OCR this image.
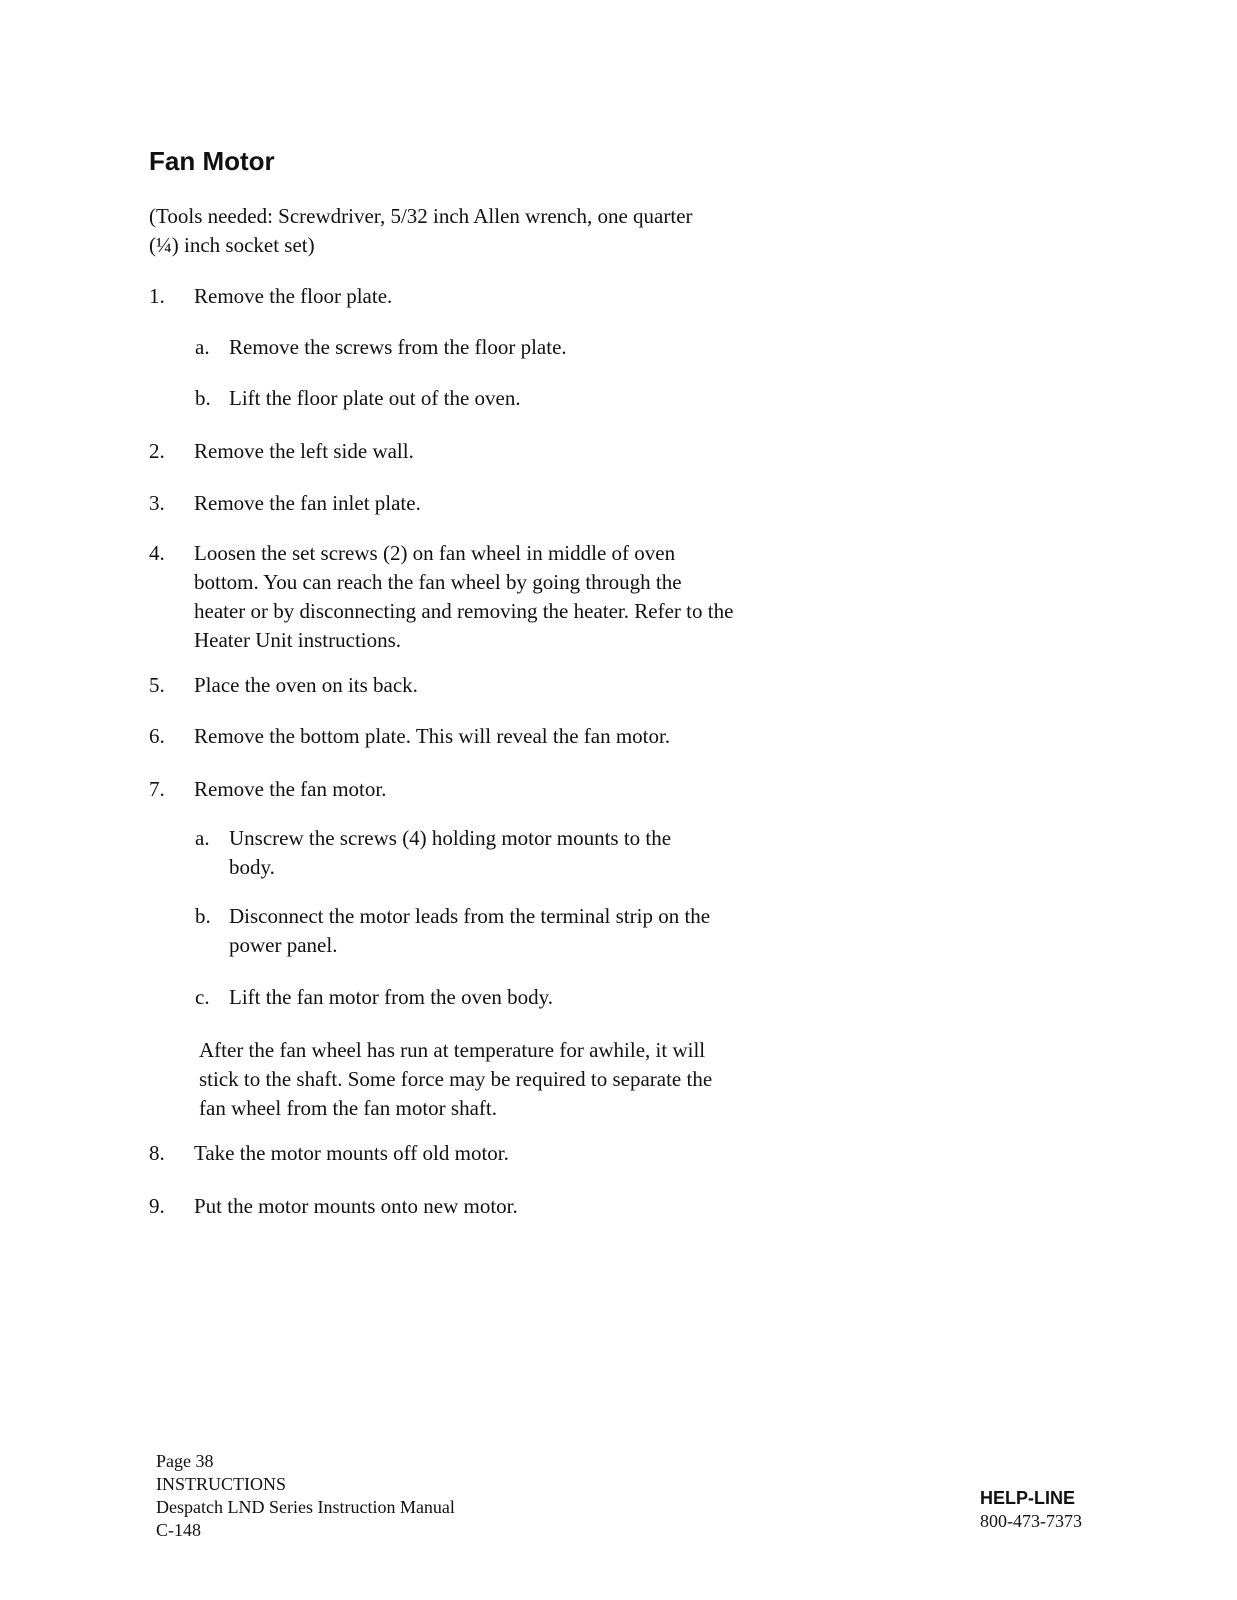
Fan Motor
(Tools needed: Screwdriver, 5/32 inch Allen wrench, one quarter (¼) inch socket set)
1. Remove the floor plate.
a. Remove the screws from the floor plate.
b. Lift the floor plate out of the oven.
2. Remove the left side wall.
3. Remove the fan inlet plate.
4. Loosen the set screws (2) on fan wheel in middle of oven bottom. You can reach the fan wheel by going through the heater or by disconnecting and removing the heater. Refer to the Heater Unit instructions.
5. Place the oven on its back.
6. Remove the bottom plate. This will reveal the fan motor.
7. Remove the fan motor.
a. Unscrew the screws (4) holding motor mounts to the body.
b. Disconnect the motor leads from the terminal strip on the power panel.
c. Lift the fan motor from the oven body.
After the fan wheel has run at temperature for awhile, it will stick to the shaft. Some force may be required to separate the fan wheel from the fan motor shaft.
8. Take the motor mounts off old motor.
9. Put the motor mounts onto new motor.
Page 38
INSTRUCTIONS
Despatch LND Series Instruction Manual
C-148
HELP-LINE
800-473-7373
